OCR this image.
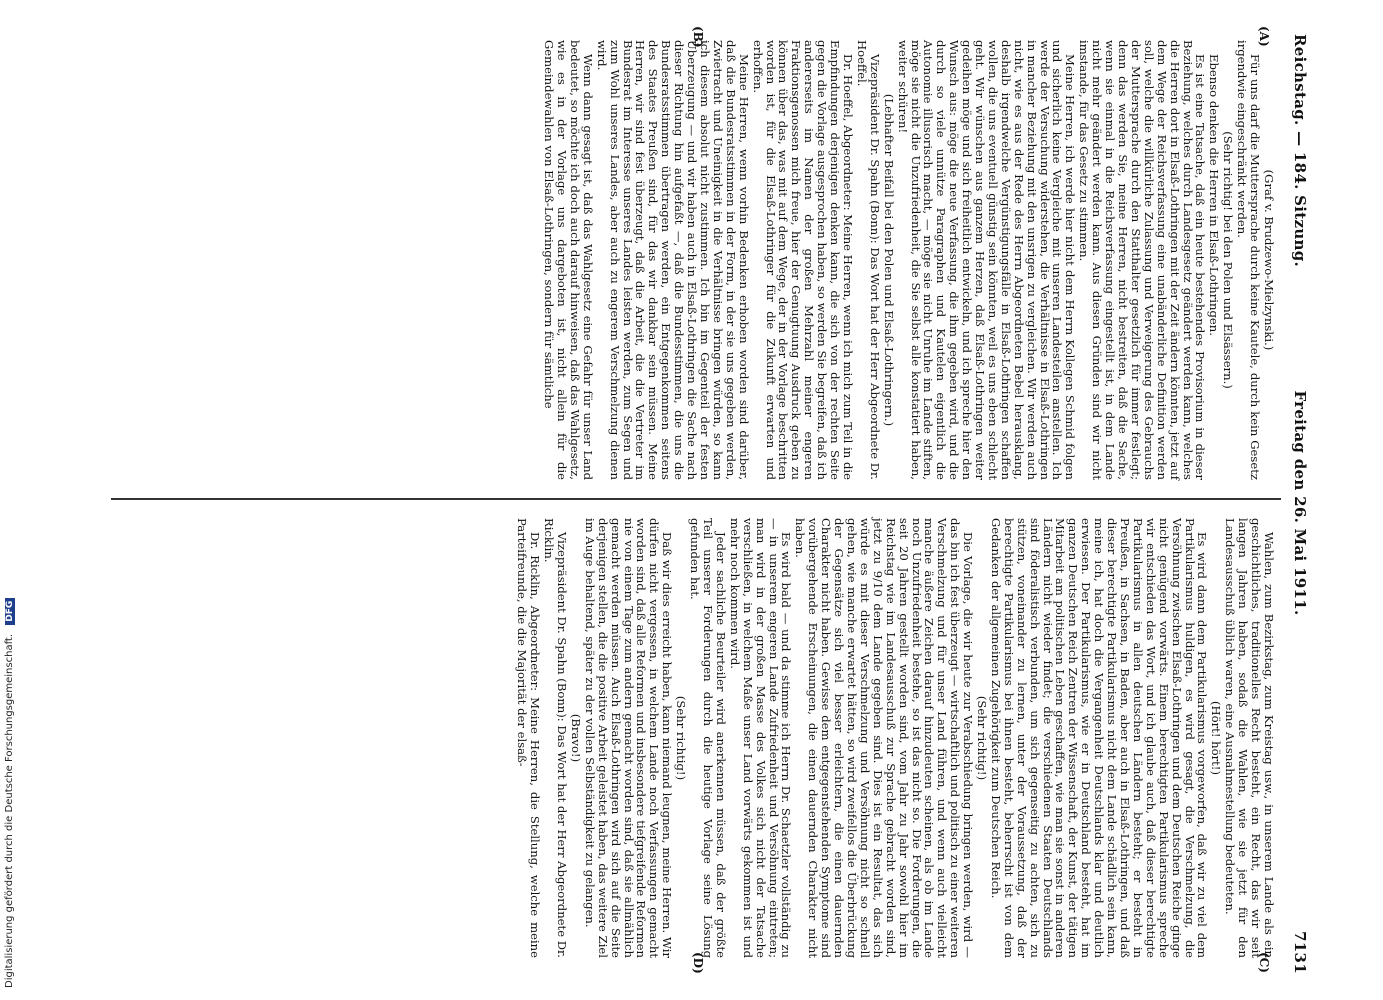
Reichstag. — 184. Sitzung.
Freitag den 26. Mai 1911.
7131
(A)
(B)
(C)
(D)

(Graf v. Brudzewo-Mielzynski.)

Für uns darf die Muttersprache durch keine Kautele, durch kein Gesetz irgendwie eingeschränkt werden.

(Sehr richtig! bei den Polen und Elsässern.)

Ebenso denken die Herren in Elsaß-Lothringen.

Es ist eine Tatsache, daß ein heute bestehendes Provisorium in dieser Beziehung, welches durch Landesgesetz geändert werden kann, welches die Herren dort in Elsaß-Lothringen mit der Zeit ändern könnten, jetzt auf dem Wege der Reichsverfassung eine unabänderliche Definition werden soll, welche die willkürliche Zulassung und Verweigerung des Gebrauchs der Muttersprache durch den Statthalter gesetzlich für immer festlegt; denn das werden Sie, meine Herren, nicht bestreiten, daß die Sache, wenn sie einmal in die Reichsverfassung eingestellt ist, in dem Lande nicht mehr geändert werden kann. Aus diesen Gründen sind wir nicht imstande, für das Gesetz zu stimmen.

Meine Herren, ich werde hier nicht dem Herrn Kollegen Schmid folgen und sicherlich keine Vergleiche mit unseren Landesteilen anstellen. Ich werde der Versuchung widerstehen, die Verhältnisse in Elsaß-Lothringen in mancher Beziehung mit den unsrigen zu vergleichen. Wir werden auch nicht, wie es aus der Rede des Herrn Abgeordneten Bebel herausklang, deshalb irgendwelche Vergünstigungsfälle in Elsaß-Lothringen schaffen wollen, die uns eventuell günstig sein könnten, weil es uns eben schlecht geht. Wir wünschen aus ganzem Herzen, daß Elsaß-Lothringen weiter gedeihen möge und sich freiheitlich entwickeln, und ich spreche hier den Wunsch aus: möge die neue Verfassung, die ihm gegeben wird, und die durch so viele unnütze Paragraphen und Kautelen eigentlich die Autonomie illusorisch macht, — möge sie nicht Unruhe im Lande stiften, möge sie nicht die Unzufriedenheit, die Sie selbst alle konstatiert haben, weiter schüren!

(Lebhafter Beifall bei den Polen und Elsaß-Lothringern.)

Vizepräsident Dr. Spahn (Bonn): Das Wort hat der Herr Abgeordnete Dr. Hoeffel.

Dr. Hoeffel, Abgeordneter: Meine Herren, wenn ich mich zum Teil in die Empfindungen derjenigen denken kann, die sich von der rechten Seite gegen die Vorlage ausgesprochen haben, so werden Sie begreifen, daß ich andererseits im Namen der großen Mehrzahl meiner engeren Fraktionsgenossen mich freue, hier der Genugtuung Ausdruck geben zu können über das, was mit auf dem Wege, der in der Vorlage beschritten worden ist, für die Elsaß-Lothringer für die Zukunft erwarten und erhoffen.

Meine Herren, wenn vorhin Bedenken erhoben worden sind darüber, daß die Bundesratsstimmen in der Form, in der sie uns gegeben werden, Zwietracht und Uneinigkeit in die Verhältnisse bringen würden, so kann ich diesem absolut nicht zustimmen. Ich bin im Gegenteil der festen Überzeugung — und wir haben auch in Elsaß-Lothringen die Sache nach dieser Richtung hin aufgefaßt —, daß die Bundesstimmen, die uns die Bundesratsstimmen übertragen werden, ein Entgegenkommen seitens des Staates Preußen sind, für das wir dankbar sein müssen. Meine Herren, wir sind fest überzeugt, daß die Arbeit, die die Vertreter im Bundesrat im Interesse unseres Landes leisten werden, zum Segen und zum Wohl unseres Landes, aber auch zu engerem Verschmelzung dienen wird.

Wenn dann gesagt ist, daß das Wahlgesetz eine Gefahr für unser Land bedeutet, so möchte ich doch auch darauf hinweisen, daß das Wahlgesetz, wie es in der Vorlage uns dargeboten ist, nicht allein für die Gemeindewahlen von Elsaß-Lothringen, sondern für sämtliche

Wahlen, zum Bezirkstag, zum Kreistag usw., in unserem Lande als ein geschichtliches, traditionelles Recht besteht, ein Recht, das wir seit langen Jahren haben, sodaß die Wahlen, wie sie jetzt für den Landesausschuß üblich waren, eine Ausnahmestellung bedeuteten.

(Hört! hört!)

Es wird dann dem Partikularismus vorgeworfen, daß wir zu viel dem Partikularismus huldigen, es wird gesagt, die Verschmelzung, die Versöhnung zwischen Elsaß-Lothringen und dem Deutschen Reiche ginge nicht genügend vorwärts. Einem berechtigten Partikularismus spreche wir entschieden das Wort, und ich glaube auch, daß dieser berechtigte Partikularismus in allen deutschen Ländern besteht; er besteht in Preußen, in Sachsen, in Baden, aber auch in Elsaß-Lothringen, und daß dieser berechtigte Partikularismus nicht dem Lande schädlich sein kann, meine ich, hat doch die Vergangenheit Deutschlands klar und deutlich erwiesen. Der Partikularismus, wie er in Deutschland besteht, hat im ganzen Deutschen Reich Zentren der Wissenschaft, der Kunst, der tätigen Mitarbeit am politischen Leben geschaffen, wie man sie sonst in anderen Ländern nicht wieder findet; die verschiedenen Staaten Deutschlands sind föderalistisch verbunden, um sich gegenseitig zu achten, sich zu stützen, voneinander zu lernen, unter der Voraussetzung, daß der berechtigte Partikularismus bei ihnen besteht, beherrscht ist von dem Gedanken der allgemeinen Zugehörigkeit zum Deutschen Reich.

(Sehr richtig!)

Die Vorlage, die wir heute zur Verabschiedung bringen werden, wird — das bin ich fest überzeugt — wirtschaftlich und politisch zu einer weiteren Verschmelzung und für unser Land führen, und wenn auch vielleicht manche äußere Zeichen darauf hinzudeuten scheinen, als ob im Lande noch Unzufriedenheit bestehe, so ist das nicht so. Die Forderungen, die seit 20 Jahren gestellt worden sind, vom Jahr zu Jahr sowohl hier im Reichstag wie im Landesausschuß zur Sprache gebracht worden sind, jetzt zu 9/10 dem Lande gegeben sind. Dies ist ein Resultat, das sich würde es mit dieser Verschmelzung und Versöhnung nicht so schnell gehen, wie manche erwartet hätten, so wird zweifellos die Überbrückung der Gegensätze sich viel besser erleichtern, die einen dauernden Charakter nicht haben. Gewisse dem entgegenstehenden Symptome sind vorübergehende Erscheinungen, die einen dauernden Charakter nicht haben.

Es wird bald — und da stimme ich Herrn Dr. Schaetzler vollständig zu — in unserem engeren Lande Zufriedenheit und Versöhnung eintreten; man wird in der großen Masse des Volkes sich nicht der Tatsache verschließen, in welchem Maße unser Land vorwärts gekommen ist und mehr noch kommen wird.

Jeder sachliche Beurteiler wird anerkennen müssen, daß der größte Teil unserer Forderungen durch die heutige Vorlage seine Lösung gefunden hat.

(Sehr richtig!)

Daß wir dies erreicht haben, kann niemand leugnen, meine Herren. Wir dürfen nicht vergessen, in welchem Lande noch Verfassungen gemacht worden sind, daß alle Reformen und insbesondere tiefgreifende Reformen nie von einem Tage zum andern gemacht worden sind, daß sie allmählich gemacht werden müssen. Auch Elsaß-Lothringen wird sich auf die Seite derjenigen stellen, die die positive Arbeit geleistet haben, das weitere Ziel im Auge behaltend, später zu der vollen Selbständigkeit zu gelangen.

(Bravo!)

Vizepräsident Dr. Spahn (Bonn): Das Wort hat der Herr Abgeordnete Dr. Ricklin.

Dr. Ricklin, Abgeordneter: Meine Herren, die Stellung, welche meine Parteifreunde, die die Majorität der elsaß-

Digitalisierung gefördert durch die Deutsche Forschungsgemeinschaft. DFG
